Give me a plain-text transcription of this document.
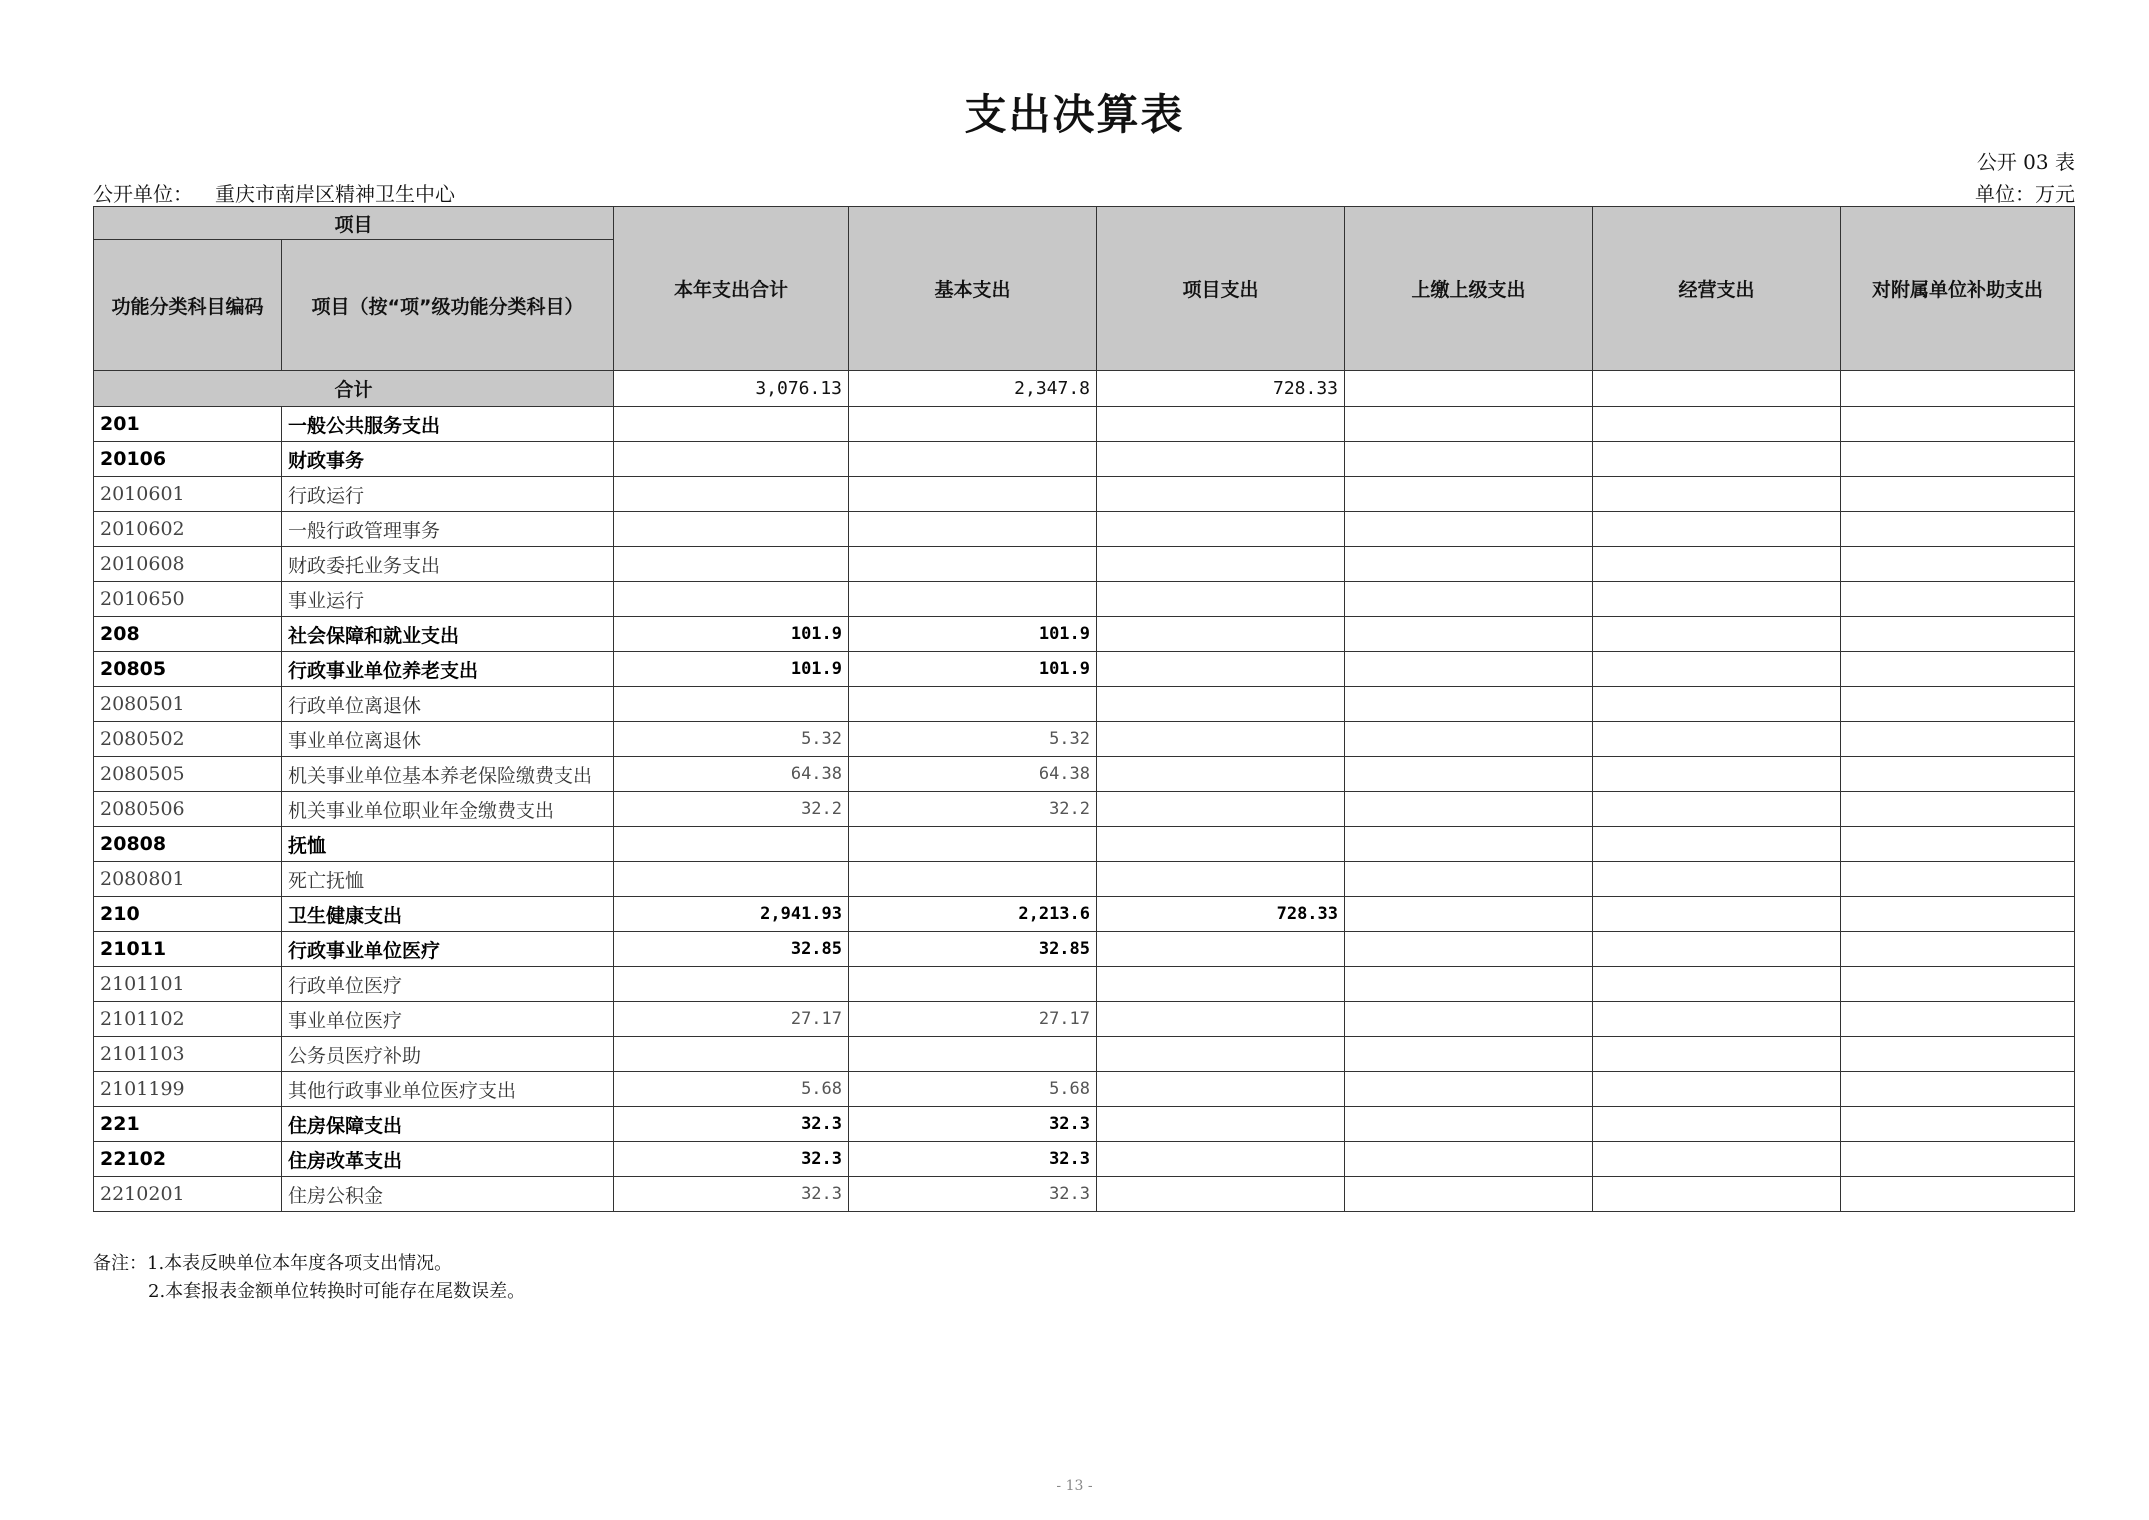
支出决算表
公开 03 表
公开单位： 重庆市南岸区精神卫生中心	单位：万元
项目		本年支出合计	基本支出	项目支出	上缴上级支出	经营支出	对附属单位补助支出
功能分类科目编码	项目（按“项”级功能分类科目）						
合计		3,076.13	2,347.8	728.33			
201	一般公共服务支出						
20106	财政事务						
2010601	行政运行						
2010602	一般行政管理事务						
2010608	财政委托业务支出						
2010650	事业运行						
208	社会保障和就业支出	101.9	101.9				
20805	行政事业单位养老支出	101.9	101.9				
2080501	行政单位离退休						
2080502	事业单位离退休	5.32	5.32				
2080505	机关事业单位基本养老保险缴费支出	64.38	64.38				
2080506	机关事业单位职业年金缴费支出	32.2	32.2				
20808	抚恤						
2080801	死亡抚恤						
210	卫生健康支出	2,941.93	2,213.6	728.33			
21011	行政事业单位医疗	32.85	32.85				
2101101	行政单位医疗						
2101102	事业单位医疗	27.17	27.17				
2101103	公务员医疗补助						
2101199	其他行政事业单位医疗支出	5.68	5.68				
221	住房保障支出	32.3	32.3				
22102	住房改革支出	32.3	32.3				
2210201	住房公积金	32.3	32.3				
备注：1.本表反映单位本年度各项支出情况。
2.本套报表金额单位转换时可能存在尾数误差。
- 13 -
